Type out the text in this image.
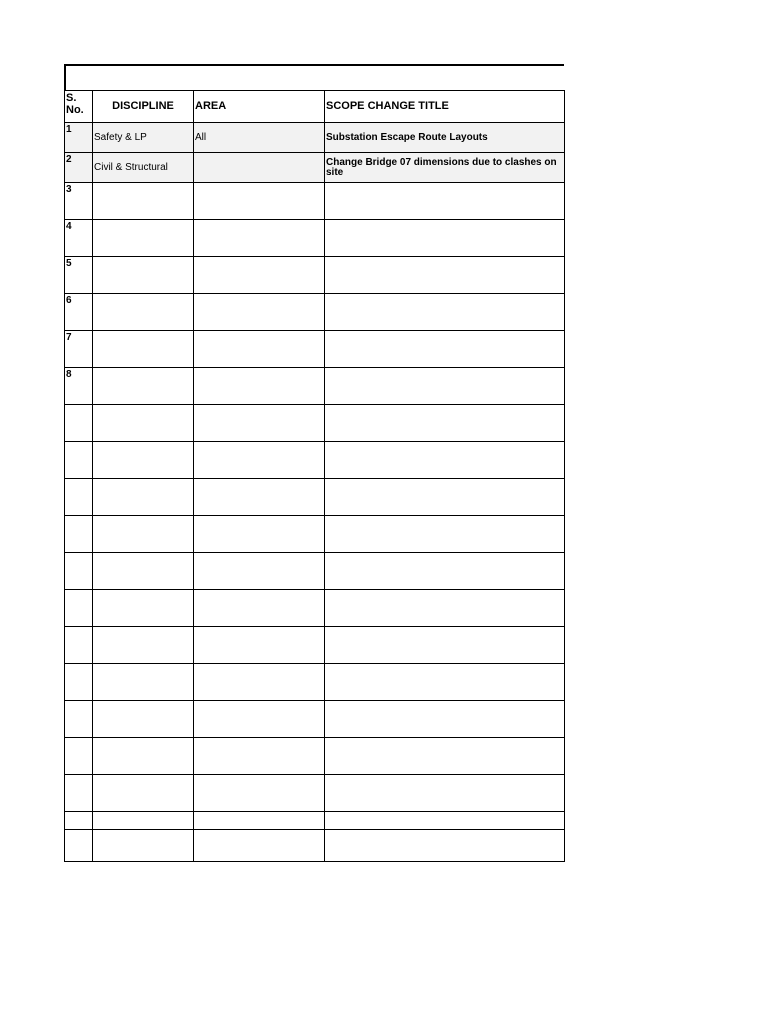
S. No.	DISCIPLINE	AREA	SCOPE CHANGE TITLE
1	Safety & LP	All	Substation Escape Route Layouts
2	Civil & Structural		Change Bridge 07 dimensions due to clashes on site
3			
4			
5			
6			
7			
8			
